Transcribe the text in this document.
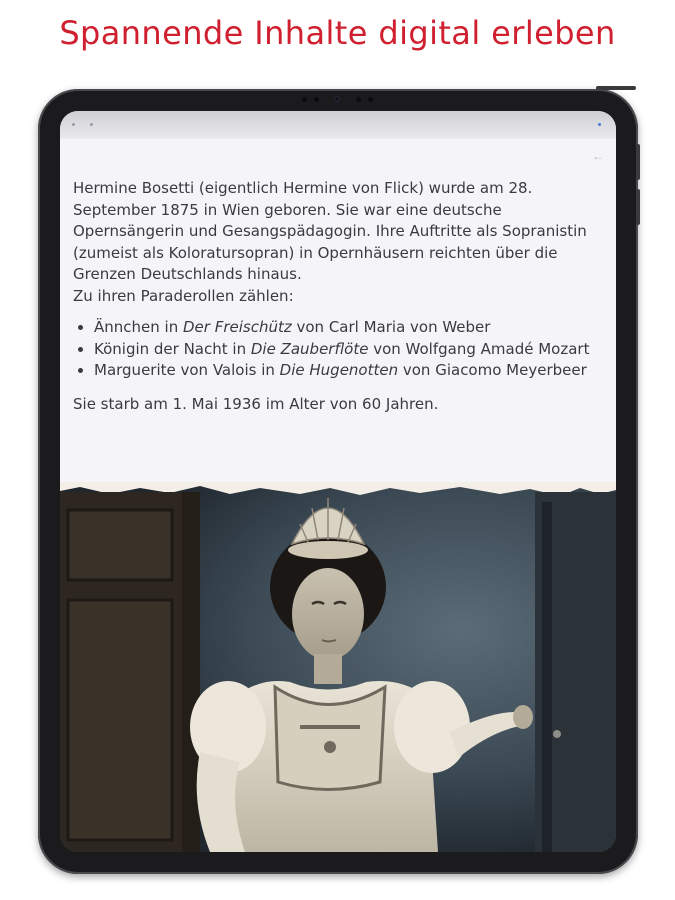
Spannende Inhalte digital erleben
←

Hermine Bosetti (eigentlich Hermine von Flick) wurde am 28. September 1875 in Wien geboren. Sie war eine deutsche Opernsängerin und Gesangspädagogin. Ihre Auftritte als Sopranistin (zumeist als Koloratursopran) in Opernhäusern reichten über die Grenzen Deutschlands hinaus.

Zu ihren Paraderollen zählen:

• Ännchen in Der Freischütz von Carl Maria von Weber
• Königin der Nacht in Die Zauberflöte von Wolfgang Amadé Mozart
• Marguerite von Valois in Die Hugenotten von Giacomo Meyerbeer

Sie starb am 1. Mai 1936 im Alter von 60 Jahren.
